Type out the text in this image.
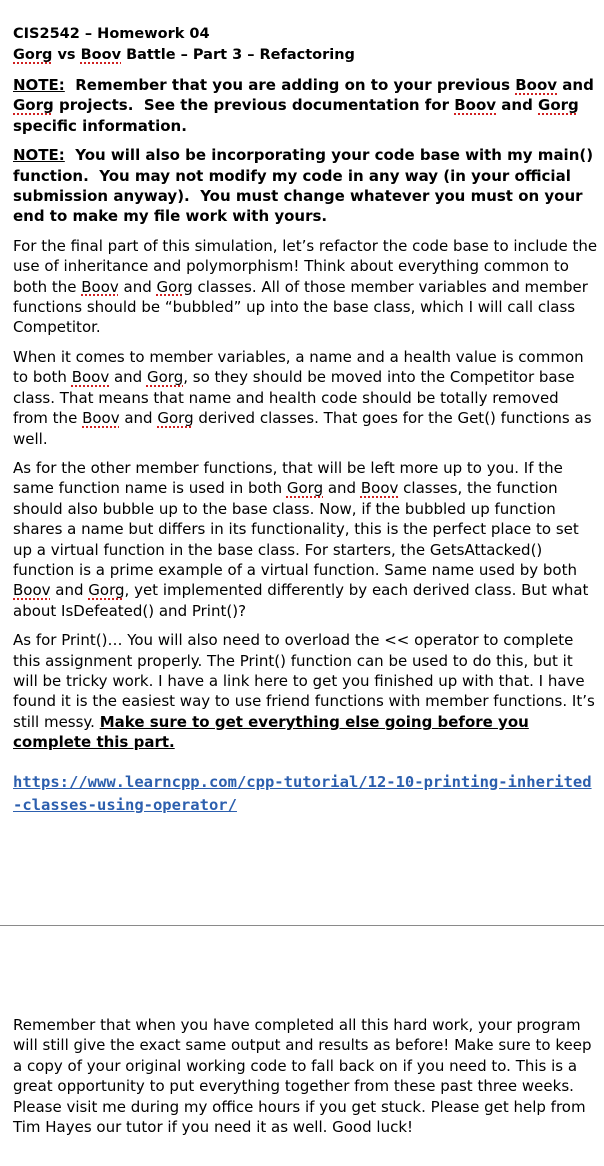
CIS2542 – Homework 04
Gorg vs Boov Battle – Part 3 – Refactoring

NOTE:  Remember that you are adding on to your previous Boov and Gorg projects.  See the previous documentation for Boov and Gorg specific information.

NOTE:  You will also be incorporating your code base with my main() function.  You may not modify my code in any way (in your official submission anyway).  You must change whatever you must on your end to make my file work with yours.

For the final part of this simulation, let’s refactor the code base to include the use of inheritance and polymorphism! Think about everything common to both the Boov and Gorg classes. All of those member variables and member functions should be “bubbled” up into the base class, which I will call class Competitor.

When it comes to member variables, a name and a health value is common to both Boov and Gorg, so they should be moved into the Competitor base class. That means that name and health code should be totally removed from the Boov and Gorg derived classes. That goes for the Get() functions as well.

As for the other member functions, that will be left more up to you. If the same function name is used in both Gorg and Boov classes, the function should also bubble up to the base class. Now, if the bubbled up function shares a name but differs in its functionality, this is the perfect place to set up a virtual function in the base class. For starters, the GetsAttacked() function is a prime example of a virtual function. Same name used by both Boov and Gorg, yet implemented differently by each derived class. But what about IsDefeated() and Print()?

As for Print()… You will also need to overload the << operator to complete this assignment properly. The Print() function can be used to do this, but it will be tricky work. I have a link here to get you finished up with that. I have found it is the easiest way to use friend functions with member functions. It’s still messy. Make sure to get everything else going before you complete this part.

https://www.learncpp.com/cpp-tutorial/12-10-printing-inherited-classes-using-operator/

Remember that when you have completed all this hard work, your program will still give the exact same output and results as before! Make sure to keep a copy of your original working code to fall back on if you need to. This is a great opportunity to put everything together from these past three weeks. Please visit me during my office hours if you get stuck. Please get help from Tim Hayes our tutor if you need it as well. Good luck!
